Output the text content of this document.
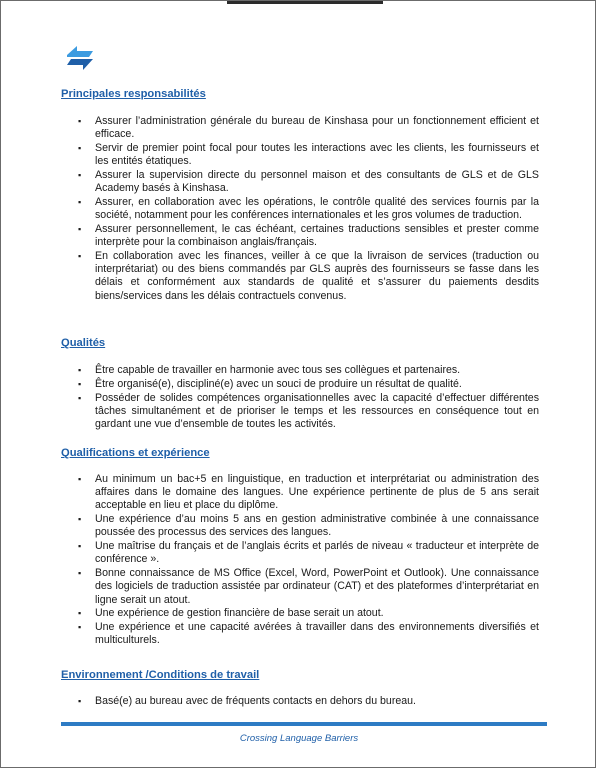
Principales responsabilités
▪ Assurer l’administration générale du bureau de Kinshasa pour un fonctionnement efficient et efficace.
▪ Servir de premier point focal pour toutes les interactions avec les clients, les fournisseurs et les entités étatiques.
▪ Assurer la supervision directe du personnel maison et des consultants de GLS et de GLS Academy basés à Kinshasa.
▪ Assurer, en collaboration avec les opérations, le contrôle qualité des services fournis par la société, notamment pour les conférences internationales et les gros volumes de traduction.
▪ Assurer personnellement, le cas échéant, certaines traductions sensibles et prester comme interprète pour la combinaison anglais/français.
▪ En collaboration avec les finances, veiller à ce que la livraison de services (traduction ou interprétariat) ou des biens commandés par GLS auprès des fournisseurs se fasse dans les délais et conformément aux standards de qualité et s’assurer du paiements desdits biens/services dans les délais contractuels convenus.
Qualités
▪ Être capable de travailler en harmonie avec tous ses collègues et partenaires.
▪ Être organisé(e), discipliné(e) avec un souci de produire un résultat de qualité.
▪ Posséder de solides compétences organisationnelles avec la capacité d’effectuer différentes tâches simultanément et de prioriser le temps et les ressources en conséquence tout en gardant une vue d’ensemble de toutes les activités.
Qualifications et expérience
▪ Au minimum un bac+5 en linguistique, en traduction et interprétariat ou administration des affaires dans le domaine des langues. Une expérience pertinente de plus de 5 ans serait acceptable en lieu et place du diplôme.
▪ Une expérience d’au moins 5 ans en gestion administrative combinée à une connaissance poussée des processus des services des langues.
▪ Une maîtrise du français et de l’anglais écrits et parlés de niveau « traducteur et interprète de conférence ».
▪ Bonne connaissance de MS Office (Excel, Word, PowerPoint et Outlook). Une connaissance des logiciels de traduction assistée par ordinateur (CAT) et des plateformes d’interprétariat en ligne serait un atout.
▪ Une expérience de gestion financière de base serait un atout.
▪ Une expérience et une capacité avérées à travailler dans des environnements diversifiés et multiculturels.
Environnement /Conditions de travail
▪ Basé(e) au bureau avec de fréquents contacts en dehors du bureau.
Crossing Language Barriers
